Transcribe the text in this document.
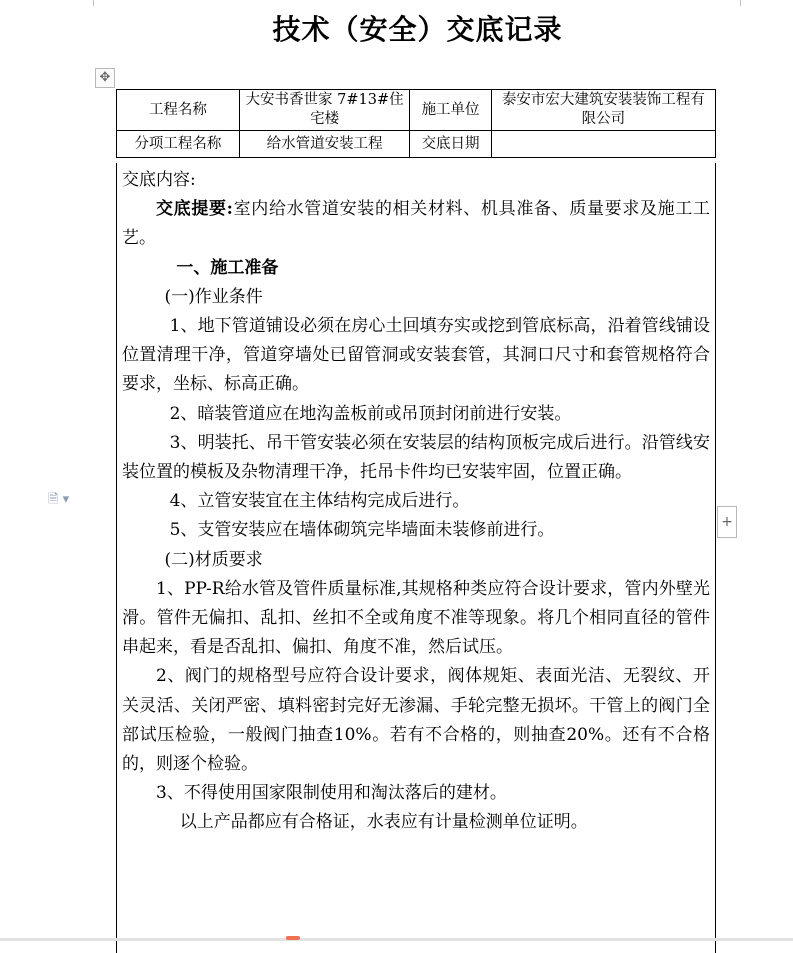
技术（安全）交底记录
✥
工程名称	大安书香世家 7#13#住宅楼	施工单位	泰安市宏大建筑安装装饰工程有限公司
分项工程名称	给水管道安装工程	交底日期	

交底内容:

交底提要:室内给水管道安装的相关材料、机具准备、质量要求及施工工艺。

一、施工准备

(一)作业条件

1、地下管道铺设必须在房心土回填夯实或挖到管底标高，沿着管线铺设位置清理干净，管道穿墙处已留管洞或安装套管，其洞口尺寸和套管规格符合要求，坐标、标高正确。

2、暗装管道应在地沟盖板前或吊顶封闭前进行安装。

3、明装托、吊干管安装必须在安装层的结构顶板完成后进行。沿管线安装位置的模板及杂物清理干净，托吊卡件均已安装牢固，位置正确。

4、立管安装宜在主体结构完成后进行。

5、支管安装应在墙体砌筑完毕墙面未装修前进行。

(二)材质要求

1、PP-R给水管及管件质量标准,其规格种类应符合设计要求，管内外壁光滑。管件无偏扣、乱扣、丝扣不全或角度不准等现象。将几个相同直径的管件串起来，看是否乱扣、偏扣、角度不准，然后试压。

2、阀门的规格型号应符合设计要求，阀体规矩、表面光洁、无裂纹、开关灵活、关闭严密、填料密封完好无渗漏、手轮完整无损坏。干管上的阀门全部试压检验，一般阀门抽查10%。若有不合格的，则抽查20%。还有不合格的，则逐个检验。

3、不得使用国家限制使用和淘汰落后的建材。

以上产品都应有合格证，水表应有计量检测单位证明。

🗎 ▾
+
